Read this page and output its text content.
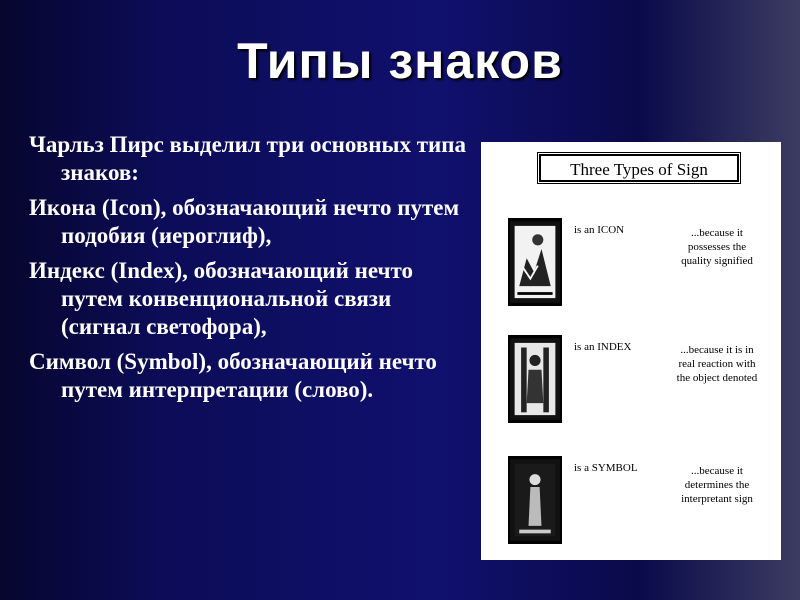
Типы знаков
Чарльз Пирс выделил три основных типа знаков:
Икона (Icon), обозначающий нечто путем подобия (иероглиф),
Индекс (Index), обозначающий нечто путем конвенциональной связи (сигнал светофора),
Символ (Symbol), обозначающий нечто путем интерпретации (слово).
Three Types of Sign
is an ICON	...because it
possesses the
quality signified
is an INDEX	...because it is in
real reaction with
the object denoted
is a SYMBOL	...because it
determines the
interpretant sign
